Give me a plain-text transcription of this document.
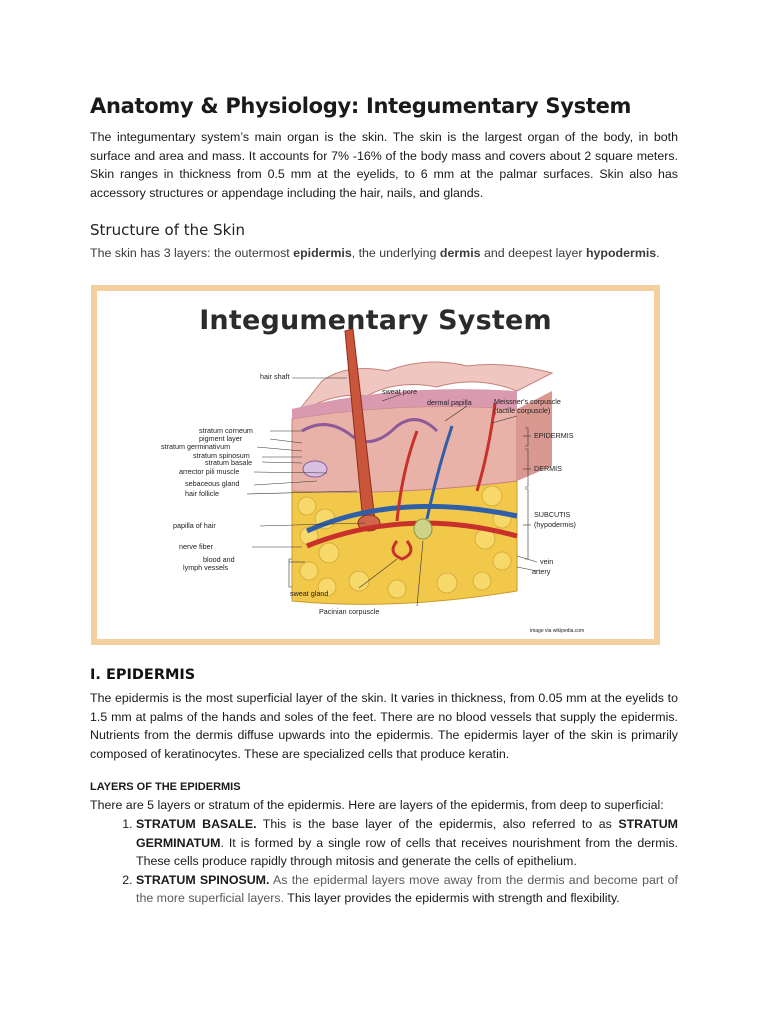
Anatomy & Physiology: Integumentary System

The integumentary system’s main organ is the skin. The skin is the largest organ of the body, in both surface and area and mass. It accounts for 7% -16% of the body mass and covers about 2 square meters. Skin ranges in thickness from 0.5 mm at the eyelids, to 6 mm at the palmar surfaces. Skin also has accessory structures or appendage including the hair, nails, and glands.

Structure of the Skin

The skin has 3 layers: the outermost epidermis, the underlying dermis and deepest layer hypodermis.

Integumentary System
hair shaft
sweat pore
dermal papilla	Meissner's corpuscle
(tactile corpuscle)
stratum corneum
pigment layer
stratum germinativum
stratum spinosum
stratum basale
arrector pili muscle
sebaceous gland
hair follicle
papilla of hair
nerve fiber
blood and
lymph vessels
sweat gland
Pacinian corpuscle
EPIDERMIS
DERMIS
SUBCUTIS
(hypodermis)
vein
artery
image via wikipedia.com
I. EPIDERMIS

The epidermis is the most superficial layer of the skin. It varies in thickness, from 0.05 mm at the eyelids to 1.5 mm at palms of the hands and soles of the feet. There are no blood vessels that supply the epidermis. Nutrients from the dermis diffuse upwards into the epidermis. The epidermis layer of the skin is primarily composed of keratinocytes. These are specialized cells that produce keratin.

LAYERS OF THE EPIDERMIS

There are 5 layers or stratum of the epidermis. Here are layers of the epidermis, from deep to superficial:

1. STRATUM BASALE. This is the base layer of the epidermis, also referred to as STRATUM GERMINATUM. It is formed by a single row of cells that receives nourishment from the dermis. These cells produce rapidly through mitosis and generate the cells of epithelium.
2. STRATUM SPINOSUM. As the epidermal layers move away from the dermis and become part of the more superficial layers. This layer provides the epidermis with strength and flexibility.
